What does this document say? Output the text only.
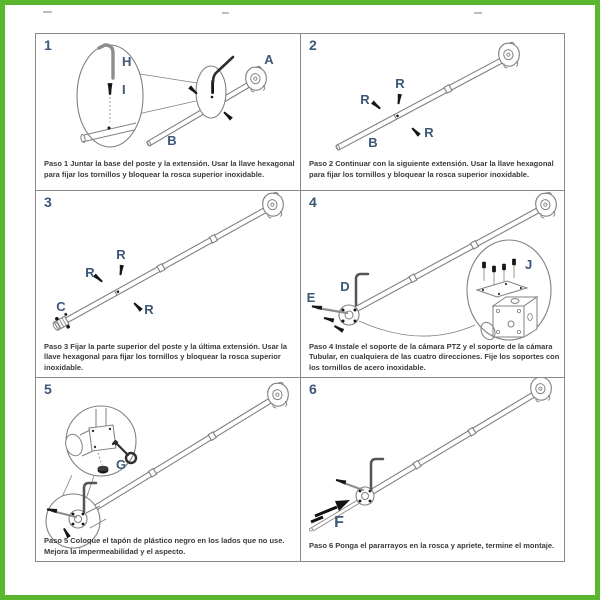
1
H
I
A
B
Paso 1 Juntar la base del poste y la extensión. Usar la llave hexagonal para fijar los tornillos y bloquear la rosca superior inoxidable.
2
R
R
R
B
Paso 2 Continuar con la siguiente extensión. Usar la llave hexagonal para fijar los tornillos y bloquear la rosca superior inoxidable.
3
R
R
R
C
Paso 3 Fijar la parte superior del poste y la última extensión. Usar la llave hexagonal para fijar los tornillos y bloquear la rosca superior inoxidable.
4
D
E
J
Paso 4 Instale el soporte de la cámara PTZ y el soporte de la cámara Tubular, en cualquiera de las cuatro direcciones. Fije los soportes con los tornillos de acero inoxidable.
5
G
Paso 5 Coloque el tapón de plástico negro en los lados que no use. Mejora la impermeabilidad y el aspecto.
6
F
Paso 6 Ponga el pararrayos en la rosca y apriete, termine el montaje.
